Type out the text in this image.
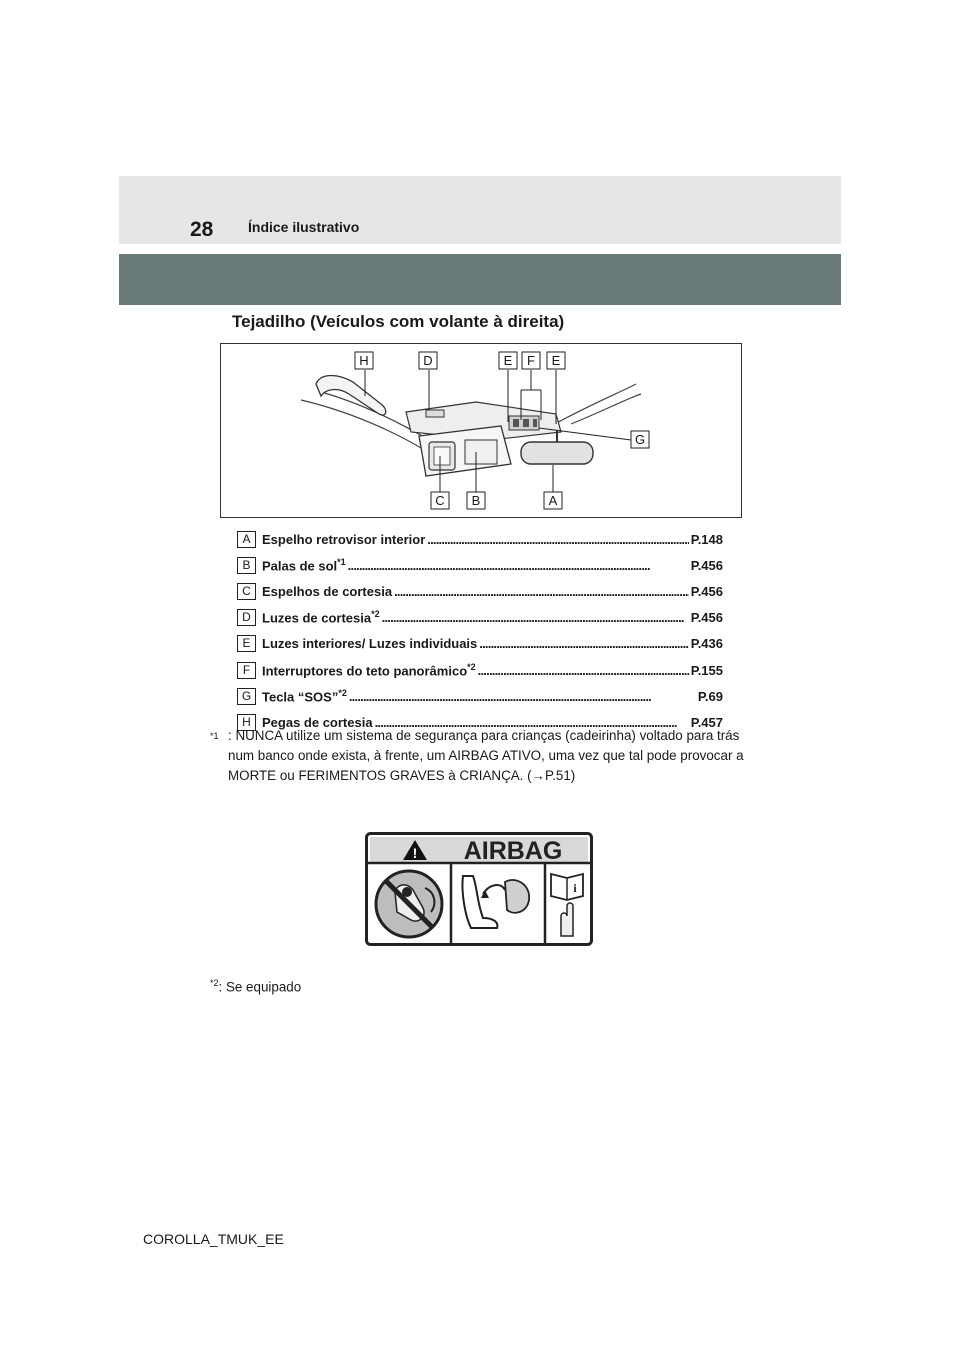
28 Índice ilustrativo
Tejadilho (Veículos com volante à direita)
H	D	E F E
G
C B	A
A Espelho retrovisor interior . . .	P.148
B Palas de sol$^{*1}$ . . .	P.456
C Espelhos de cortesia . . .	P.456
D Luzes de cortesia$^{*2}$ . . .	P.456
E Luzes interiores/ Luzes individuais . . .	P.436
F Interruptores do teto panorâmico$^{*2}$ . . .	P.155
G Tecla “SOS”$^{*2}$ . . .	P.69
H Pegas de cortesia . . .	P.457
$^{*1}$ : NUNCA utilize um sistema de segurança para crianças (cadeirinha) voltado para trás num banco onde exista, à frente, um AIRBAG ATIVO, uma vez que tal pode provocar a MORTE ou FERIMENTOS GRAVES à CRIANÇA. (→P.51)
! AIRBAG
i
$^{*2}$: Se equipado
COROLLA_TMUK_EE
